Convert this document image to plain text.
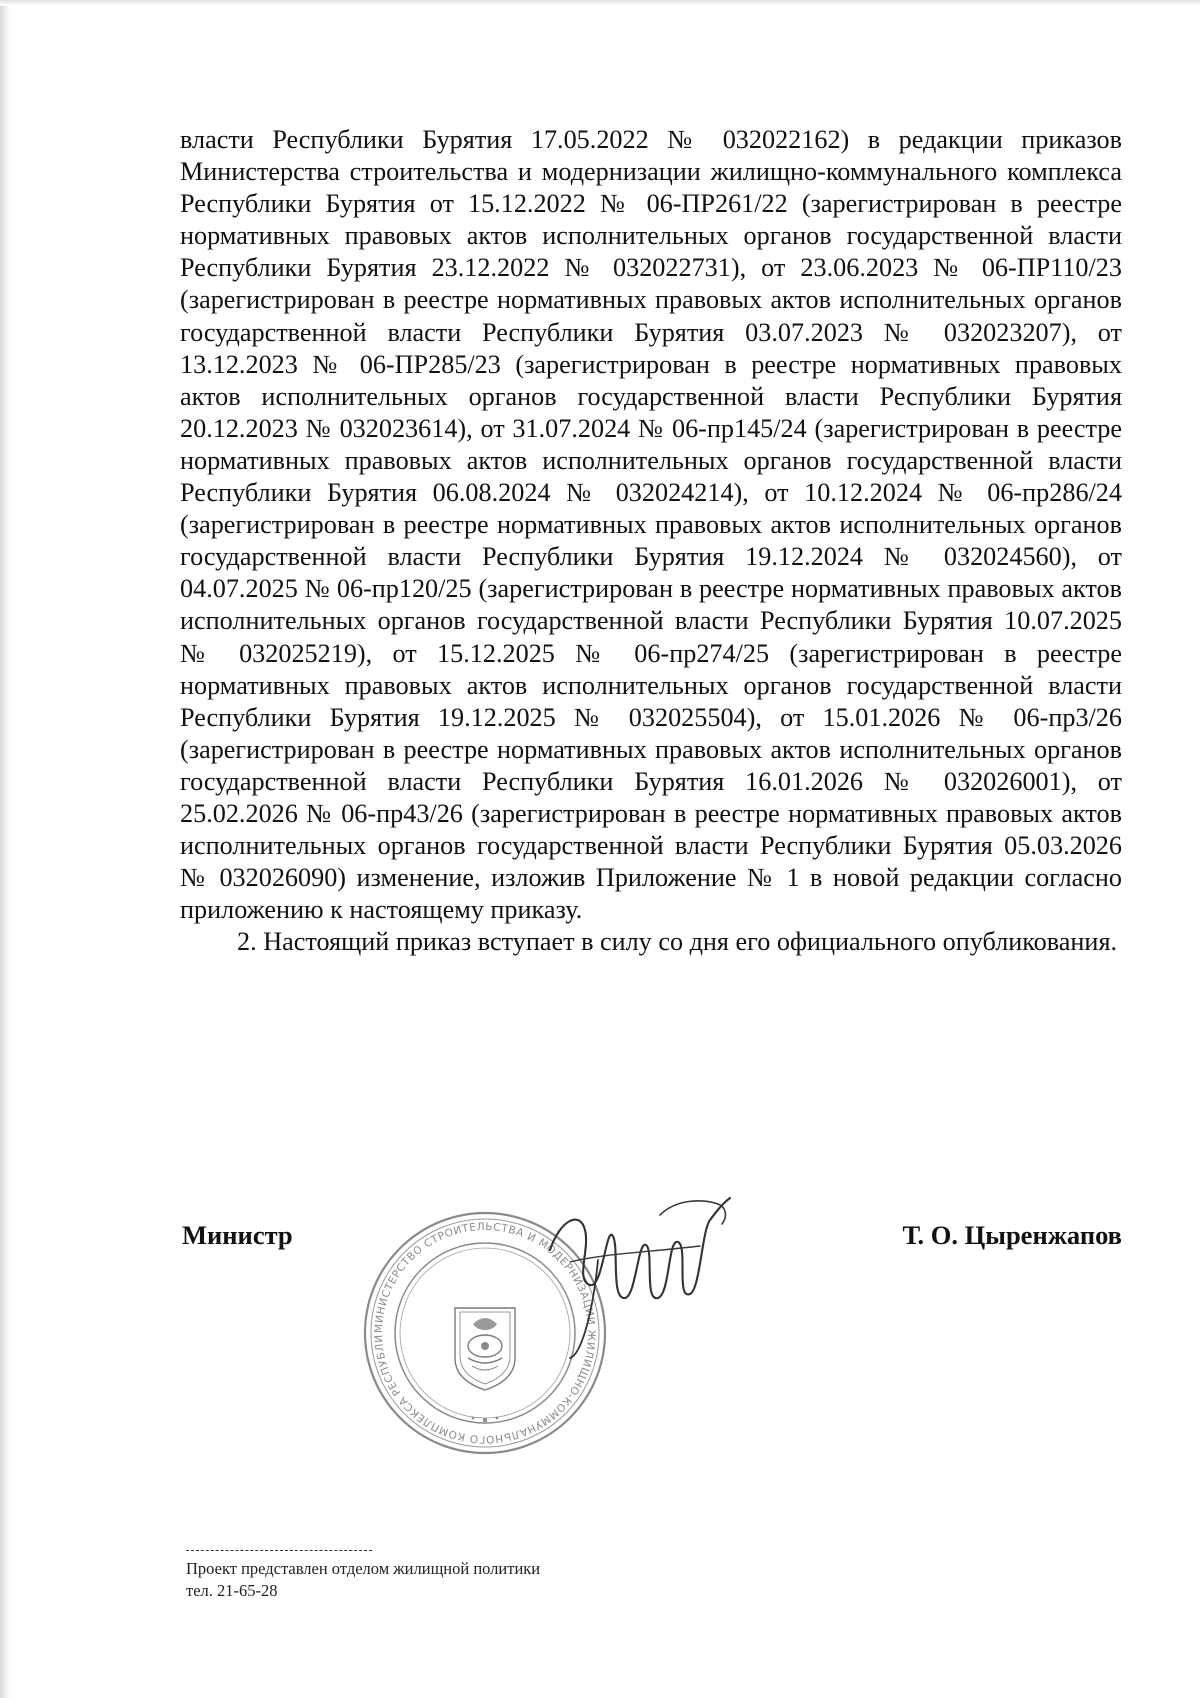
власти Республики Бурятия 17.05.2022 № 032022162) в редакции приказов Министерства строительства и модернизации жилищно-коммунального комплекса Республики Бурятия от 15.12.2022 № 06-ПР261/22 (зарегистрирован в реестре нормативных правовых актов исполнительных органов государственной власти Республики Бурятия 23.12.2022 № 032022731), от 23.06.2023 № 06-ПР110/23 (зарегистрирован в реестре нормативных правовых актов исполнительных органов государственной власти Республики Бурятия 03.07.2023 № 032023207), от 13.12.2023 № 06-ПР285/23 (зарегистрирован в реестре нормативных правовых актов исполнительных органов государственной власти Республики Бурятия 20.12.2023 № 032023614), от 31.07.2024 № 06-пр145/24 (зарегистрирован в реестре нормативных правовых актов исполнительных органов государственной власти Республики Бурятия 06.08.2024 № 032024214), от 10.12.2024 № 06-пр286/24 (зарегистрирован в реестре нормативных правовых актов исполнительных органов государственной власти Республики Бурятия 19.12.2024 № 032024560), от 04.07.2025 № 06-пр120/25 (зарегистрирован в реестре нормативных правовых актов исполнительных органов государственной власти Республики Бурятия 10.07.2025 № 032025219), от 15.12.2025 № 06-пр274/25 (зарегистрирован в реестре нормативных правовых актов исполнительных органов государственной власти Республики Бурятия 19.12.2025 № 032025504), от 15.01.2026 № 06-пр3/26 (зарегистрирован в реестре нормативных правовых актов исполнительных органов государственной власти Республики Бурятия 16.01.2026 № 032026001), от 25.02.2026 № 06-пр43/26 (зарегистрирован в реестре нормативных правовых актов исполнительных органов государственной власти Республики Бурятия 05.03.2026 № 032026090) изменение, изложив Приложение № 1 в новой редакции согласно приложению к настоящему приказу.

2. Настоящий приказ вступает в силу со дня его официального опубликования.

МИНИСТЕРСТВО СТРОИТЕЛЬСТВА И МОДЕРНИЗАЦИИ ЖИЛИЩНО-КОММУНАЛЬНОГО КОМПЛЕКСА РЕСПУБЛИ
Министр	Т. О. Цыренжапов
Проект представлен отделом жилищной политики
тел. 21-65-28
